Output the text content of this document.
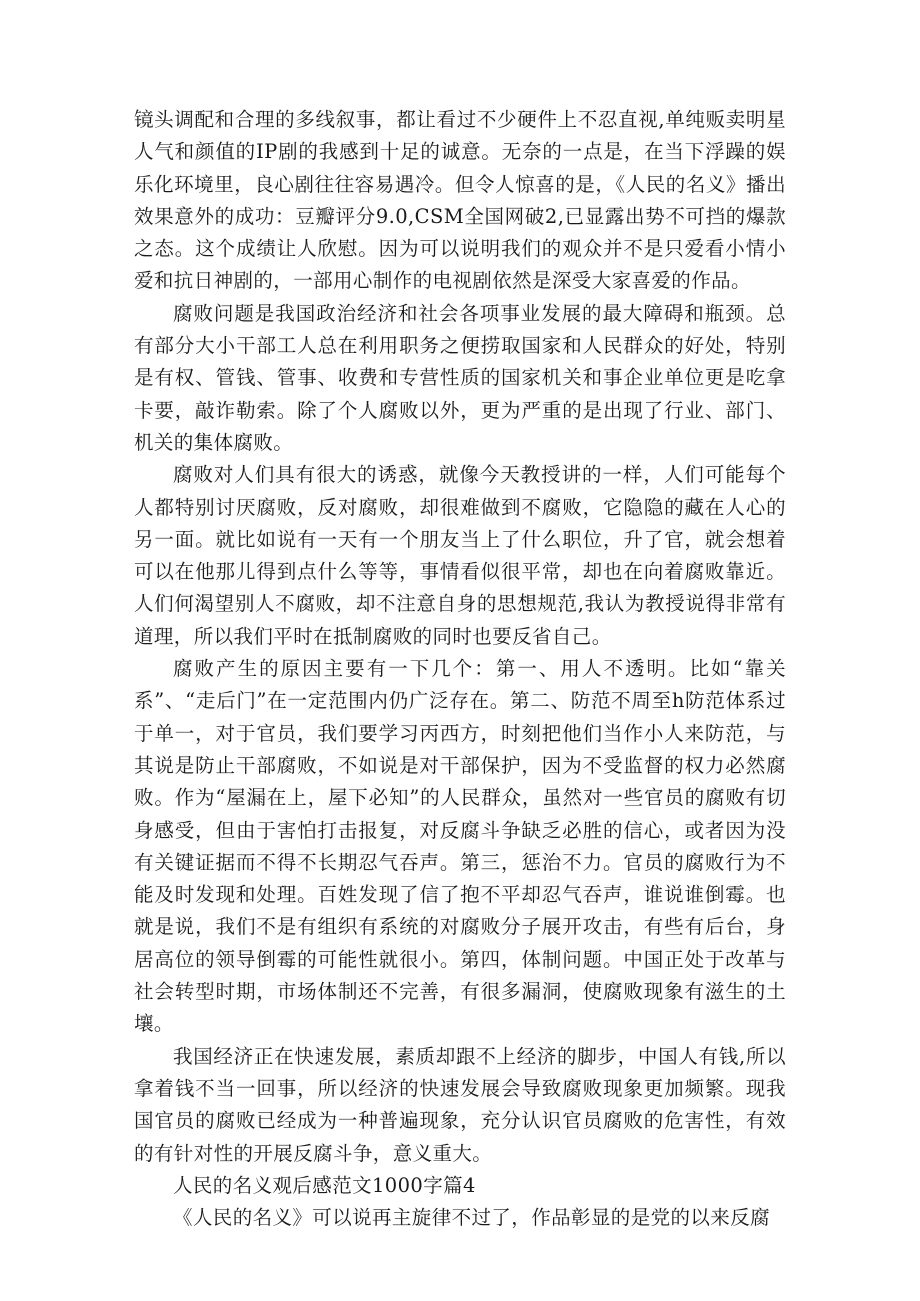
镜头调配和合理的多线叙事，都让看过不少硬件上不忍直视,单纯贩卖明星人气和颜值的IP剧的我感到十足的诚意。无奈的一点是，在当下浮躁的娱乐化环境里，良心剧往往容易遇冷。但令人惊喜的是，《人民的名义》播出效果意外的成功：豆瓣评分9.0,CSM全国网破2,已显露出势不可挡的爆款之态。这个成绩让人欣慰。因为可以说明我们的观众并不是只爱看小情小爱和抗日神剧的，一部用心制作的电视剧依然是深受大家喜爱的作品。

腐败问题是我国政治经济和社会各项事业发展的最大障碍和瓶颈。总有部分大小干部工人总在利用职务之便捞取国家和人民群众的好处，特别是有权、管钱、管事、收费和专营性质的国家机关和事企业单位更是吃拿卡要，敲诈勒索。除了个人腐败以外，更为严重的是出现了行业、部门、机关的集体腐败。

腐败对人们具有很大的诱惑，就像今天教授讲的一样，人们可能每个人都特别讨厌腐败，反对腐败，却很难做到不腐败，它隐隐的藏在人心的另一面。就比如说有一天有一个朋友当上了什么职位，升了官，就会想着可以在他那儿得到点什么等等，事情看似很平常，却也在向着腐败靠近。人们何渴望别人不腐败，却不注意自身的思想规范,我认为教授说得非常有道理，所以我们平时在抵制腐败的同时也要反省自己。

腐败产生的原因主要有一下几个：第一、用人不透明。比如“靠关系”、“走后门”在一定范围内仍广泛存在。第二、防范不周至h防范体系过于单一，对于官员，我们要学习丙西方，时刻把他们当作小人来防范，与其说是防止干部腐败，不如说是对干部保护，因为不受监督的权力必然腐败。作为“屋漏在上，屋下必知”的人民群众，虽然对一些官员的腐败有切身感受，但由于害怕打击报复，对反腐斗争缺乏必胜的信心，或者因为没有关键证据而不得不长期忍气吞声。第三，惩治不力。官员的腐败行为不能及时发现和处理。百姓发现了信了抱不平却忍气吞声，谁说谁倒霉。也就是说，我们不是有组织有系统的对腐败分子展开攻击，有些有后台，身居高位的领导倒霉的可能性就很小。第四，体制问题。中国正处于改革与社会转型时期，市场体制还不完善，有很多漏洞，使腐败现象有滋生的土壤。

我国经济正在快速发展，素质却跟不上经济的脚步，中国人有钱,所以拿着钱不当一回事，所以经济的快速发展会导致腐败现象更加频繁。现我国官员的腐败已经成为一种普遍现象，充分认识官员腐败的危害性，有效的有针对性的开展反腐斗争，意义重大。

人民的名义观后感范文1000字篇4

《人民的名义》可以说再主旋律不过了，作品彰显的是党的以来反腐
